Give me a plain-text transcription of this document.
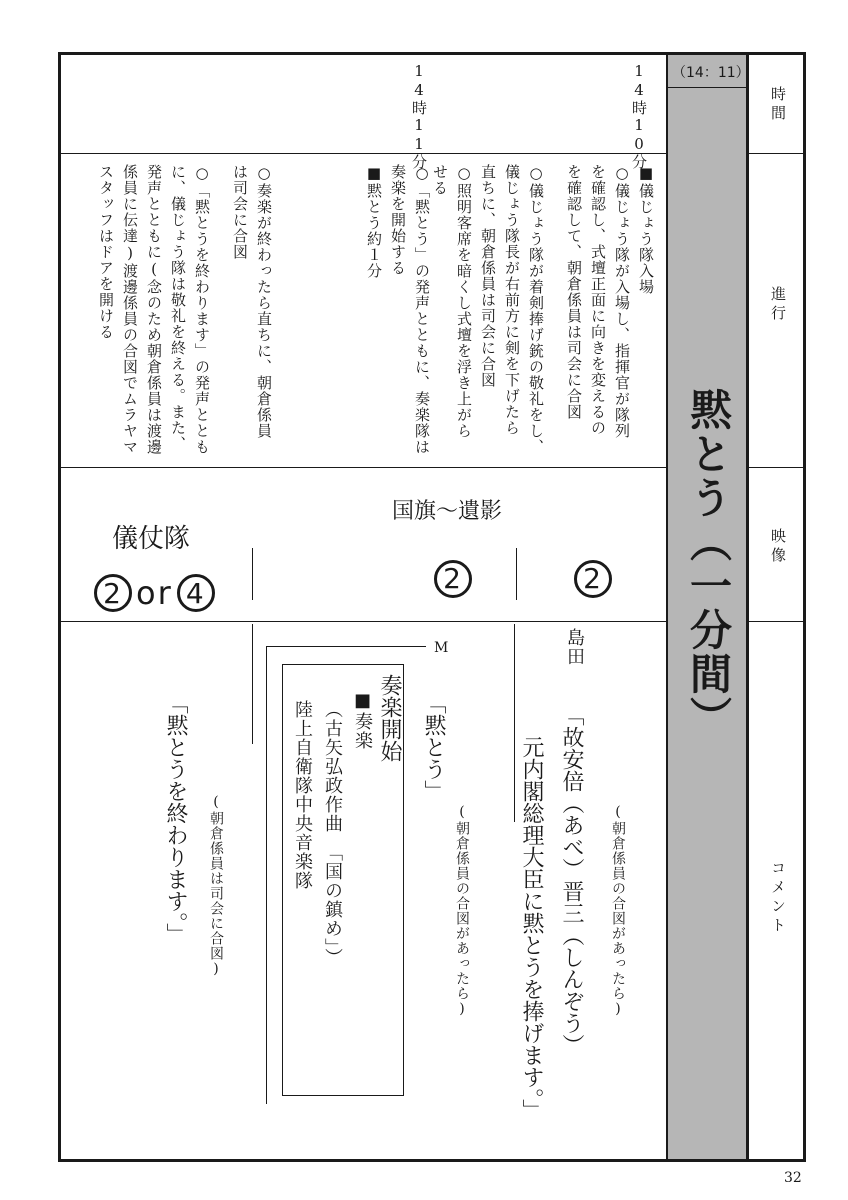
時間
進行
映像
コメント
（14：11）
黙とう（一分間）
14時10分
14時11分
■儀じょう隊入場
○儀じょう隊が入場し、指揮官が隊列
を確認し、式壇正面に向きを変えるの
を確認して、朝倉係員は司会に合図
○儀じょう隊が着剣捧げ銃の敬礼をし、
儀じょう隊長が右前方に剣を下げたら
直ちに、朝倉係員は司会に合図
○照明客席を暗くし式壇を浮き上がら
せる
○「黙とう」の発声とともに、奏楽隊は
奏楽を開始する
■黙とう約１分
○奏楽が終わったら直ちに、朝倉係員
は司会に合図
○「黙とうを終わります」の発声ととも
に、儀じょう隊は敬礼を終える。また、
発声とともに(念のため朝倉係員は渡邊
係員に伝達)渡邊係員の合図でムラヤマ
スタッフはドアを開ける
国旗〜遺影
儀仗隊
2
2
2 or 4
島田
「故安倍（あべ）晋三（しんぞう）
元内閣総理大臣に黙とうを捧げます。」	(朝倉係員の合図があったら)
「黙とう」
(朝倉係員の合図があったら)
M
奏楽開始
■奏楽
（古矢弘政作曲　「国の鎮め」）
陸上自衛隊中央音楽隊
(朝倉係員は司会に合図)
「黙とうを終わります。」
32
